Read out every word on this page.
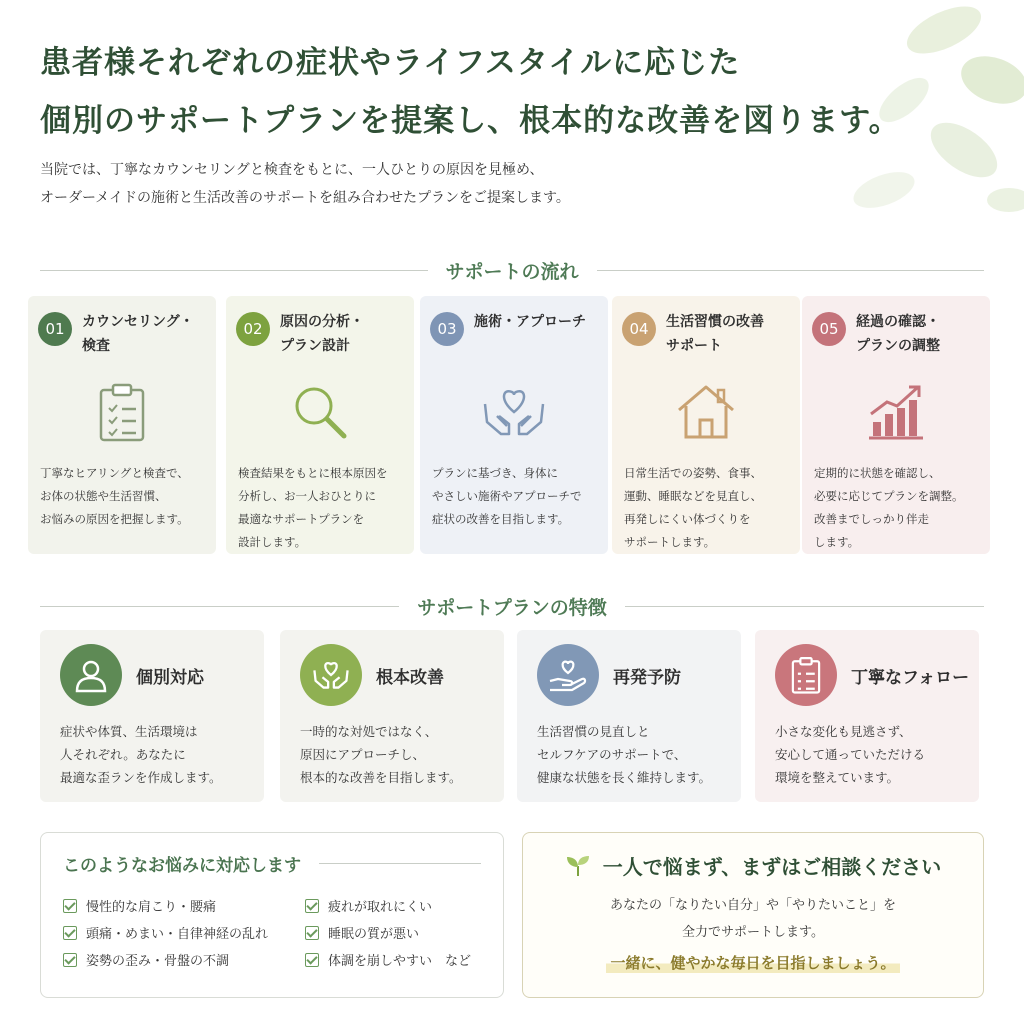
患者様それぞれの症状やライフスタイルに応じた
個別のサポートプランを提案し、根本的な改善を図ります。
当院では、丁寧なカウンセリングと検査をもとに、一人ひとりの原因を見極め、
オーダーメイドの施術と生活改善のサポートを組み合わせたプランをご提案します。
サポートの流れ
01	カウンセリング・
検査
丁寧なヒアリングと検査で、
お体の状態や生活習慣、
お悩みの原因を把握します。
02	原因の分析・
プラン設計
検査結果をもとに根本原因を
分析し、お一人おひとりに
最適なサポートプランを
設計します。
03	施術・アプローチ
プランに基づき、身体に
やさしい施術やアプローチで
症状の改善を目指します。
04	生活習慣の改善
サポート
日常生活での姿勢、食事、
運動、睡眠などを見直し、
再発しにくい体づくりを
サポートします。
05	経過の確認・
プランの調整
定期的に状態を確認し、
必要に応じてプランを調整。
改善までしっかり伴走
します。
サポートプランの特徴
個別対応
症状や体質、生活環境は
人それぞれ。あなたに
最適な歪ランを作成します。
根本改善
一時的な対処ではなく、
原因にアプローチし、
根本的な改善を目指します。
再発予防
生活習慣の見直しと
セルフケアのサポートで、
健康な状態を長く維持します。
丁寧なフォロー
小さな変化も見逃さず、
安心して通っていただける
環境を整えています。
このようなお悩みに対応します
慢性的な肩こり・腰痛	疲れが取れにくい
頭痛・めまい・自律神経の乱れ	睡眠の質が悪い
姿勢の歪み・骨盤の不調	体調を崩しやすい　など
一人で悩まず、まずはご相談ください
あなたの「なりたい自分」や「やりたいこと」を
全力でサポートします。
一緒に、健やかな毎日を目指しましょう。
